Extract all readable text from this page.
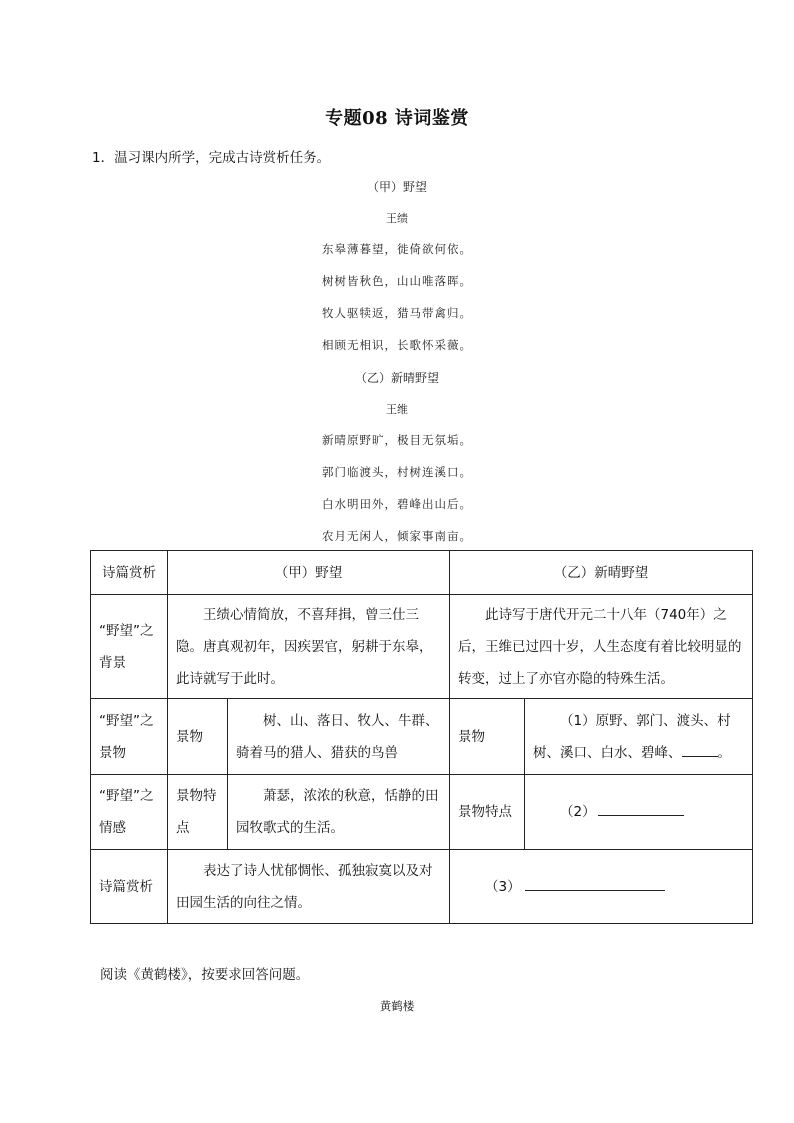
专题08 诗词鉴赏
1．温习课内所学，完成古诗赏析任务。
（甲）野望
王绩
东皋薄暮望，徙倚欲何依。
树树皆秋色，山山唯落晖。
牧人驱犊返，猎马带禽归。
相顾无相识，长歌怀采薇。
（乙）新晴野望
王维
新晴原野旷，极目无氛垢。
郭门临渡头，村树连溪口。
白水明田外，碧峰出山后。
农月无闲人，倾家事南亩。
诗篇赏析	（甲）野望		（乙）新晴野望	
“野望”之背景	王绩心情简放，不喜拜揖，曾三仕三隐。唐真观初年，因疾罢官，躬耕于东皋，此诗就写于此时。		此诗写于唐代开元二十八年（740年）之后，王维已过四十岁，人生态度有着比较明显的转变，过上了亦官亦隐的特殊生活。	
“野望”之景物	景物	树、山、落日、牧人、牛群、骑着马的猎人、猎获的鸟兽	景物	（1）原野、郭门、渡头、村树、溪口、白水、碧峰、 。
“野望”之情感	景物特点	萧瑟，浓浓的秋意，恬静的田园牧歌式的生活。	景物特点	（2）
诗篇赏析	表达了诗人忧郁惆怅、孤独寂寞以及对田园生活的向往之情。		（3）	
阅读《黄鹤楼》，按要求回答问题。
黄鹤楼
